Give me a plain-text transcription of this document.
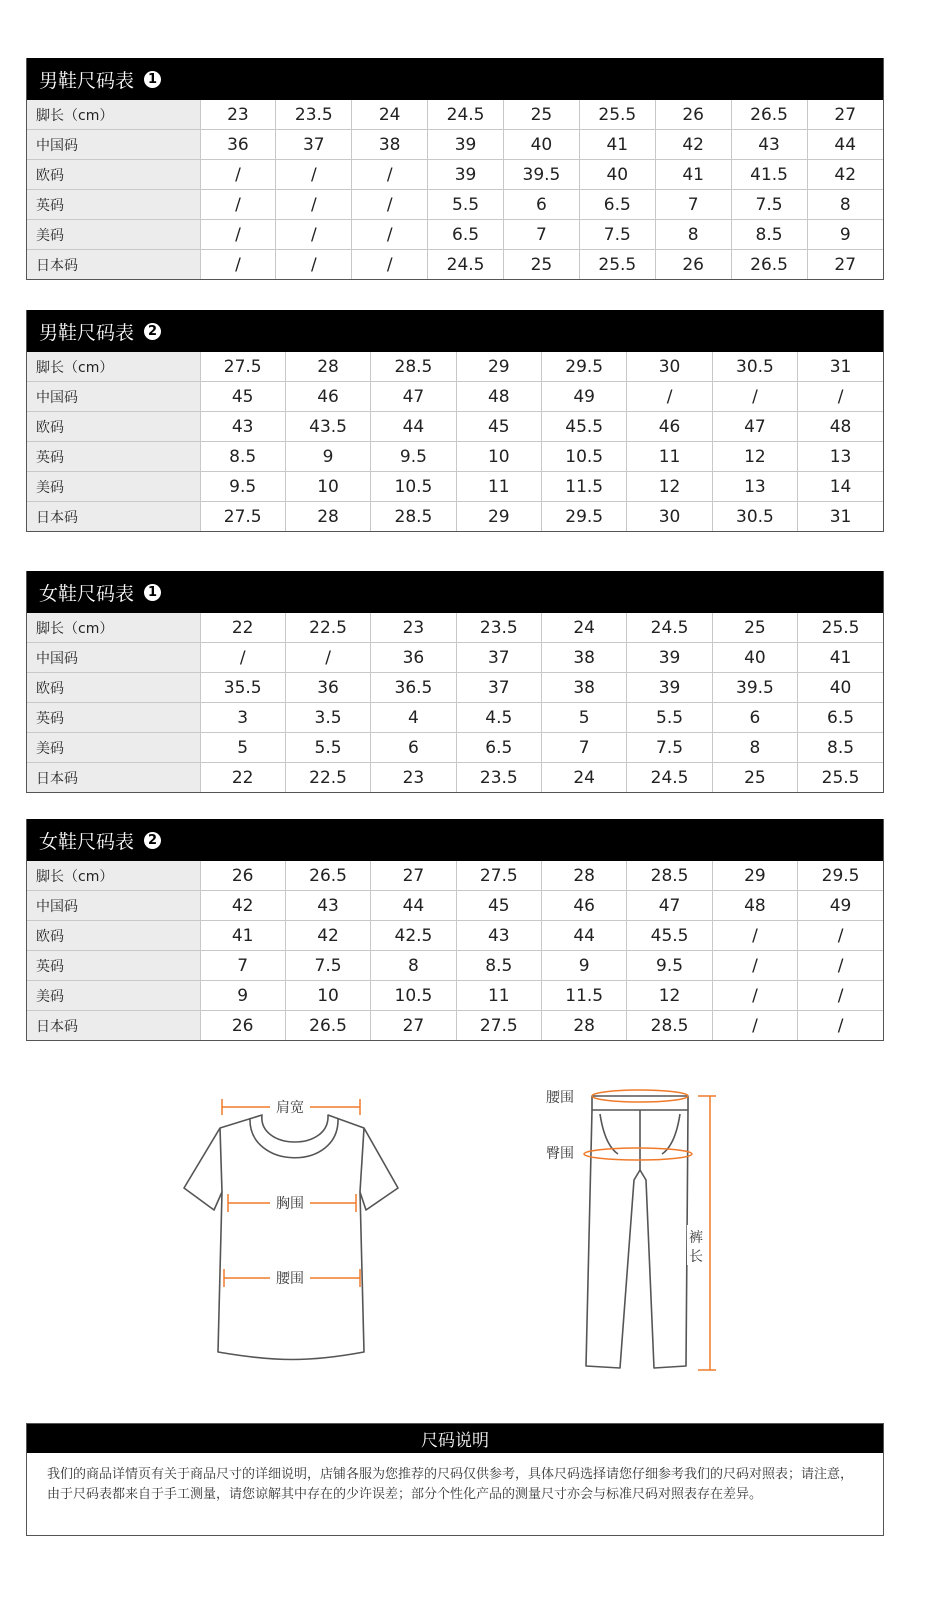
男鞋尺码表	1
脚长（cm）	23	23.5	24	24.5	25	25.5	26	26.5	27
中国码	36	37	38	39	40	41	42	43	44
欧码	/	/	/	39	39.5	40	41	41.5	42
英码	/	/	/	5.5	6	6.5	7	7.5	8
美码	/	/	/	6.5	7	7.5	8	8.5	9
日本码	/	/	/	24.5	25	25.5	26	26.5	27
男鞋尺码表	2
脚长（cm）	27.5	28	28.5	29	29.5	30	30.5	31
中国码	45	46	47	48	49	/	/	/
欧码	43	43.5	44	45	45.5	46	47	48
英码	8.5	9	9.5	10	10.5	11	12	13
美码	9.5	10	10.5	11	11.5	12	13	14
日本码	27.5	28	28.5	29	29.5	30	30.5	31
女鞋尺码表	1
脚长（cm）	22	22.5	23	23.5	24	24.5	25	25.5
中国码	/	/	36	37	38	39	40	41
欧码	35.5	36	36.5	37	38	39	39.5	40
英码	3	3.5	4	4.5	5	5.5	6	6.5
美码	5	5.5	6	6.5	7	7.5	8	8.5
日本码	22	22.5	23	23.5	24	24.5	25	25.5
女鞋尺码表	2
脚长（cm）	26	26.5	27	27.5	28	28.5	29	29.5
中国码	42	43	44	45	46	47	48	49
欧码	41	42	42.5	43	44	45.5	/	/
英码	7	7.5	8	8.5	9	9.5	/	/
美码	9	10	10.5	11	11.5	12	/	/
日本码	26	26.5	27	27.5	28	28.5	/	/
肩宽
胸围
腰围
腰围
臀围
裤
长
尺码说明
我们的商品详情页有关于商品尺寸的详细说明，店铺各服为您推荐的尺码仅供参考，具体尺码选择请您仔细参考我们的尺码对照表；请注意，由于尺码表都来自于手工测量，请您谅解其中存在的少许误差；部分个性化产品的测量尺寸亦会与标准尺码对照表存在差异。
